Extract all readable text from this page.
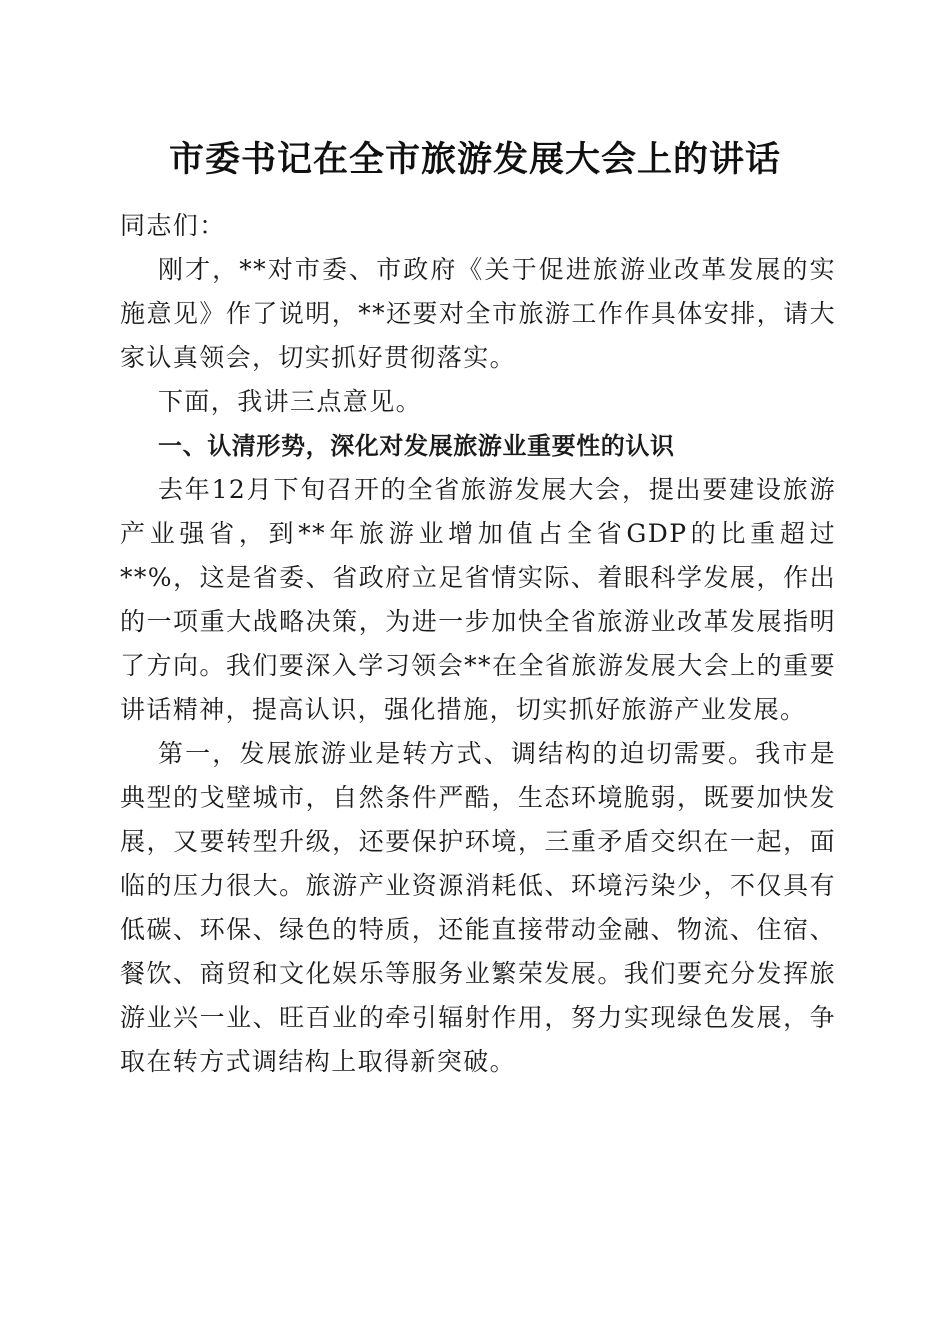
市委书记在全市旅游发展大会上的讲话

同志们：

刚才，**对市委、市政府《关于促进旅游业改革发展的实施意见》作了说明，**还要对全市旅游工作作具体安排，请大家认真领会，切实抓好贯彻落实。

下面，我讲三点意见。

一、认清形势，深化对发展旅游业重要性的认识

去年12月下旬召开的全省旅游发展大会，提出要建设旅游产业强省，到**年旅游业增加值占全省GDP的比重超过**%，这是省委、省政府立足省情实际、着眼科学发展，作出的一项重大战略决策，为进一步加快全省旅游业改革发展指明了方向。我们要深入学习领会**在全省旅游发展大会上的重要讲话精神，提高认识，强化措施，切实抓好旅游产业发展。

第一，发展旅游业是转方式、调结构的迫切需要。我市是典型的戈壁城市，自然条件严酷，生态环境脆弱，既要加快发展，又要转型升级，还要保护环境，三重矛盾交织在一起，面临的压力很大。旅游产业资源消耗低、环境污染少，不仅具有低碳、环保、绿色的特质，还能直接带动金融、物流、住宿、餐饮、商贸和文化娱乐等服务业繁荣发展。我们要充分发挥旅游业兴一业、旺百业的牵引辐射作用，努力实现绿色发展，争取在转方式调结构上取得新突破。
